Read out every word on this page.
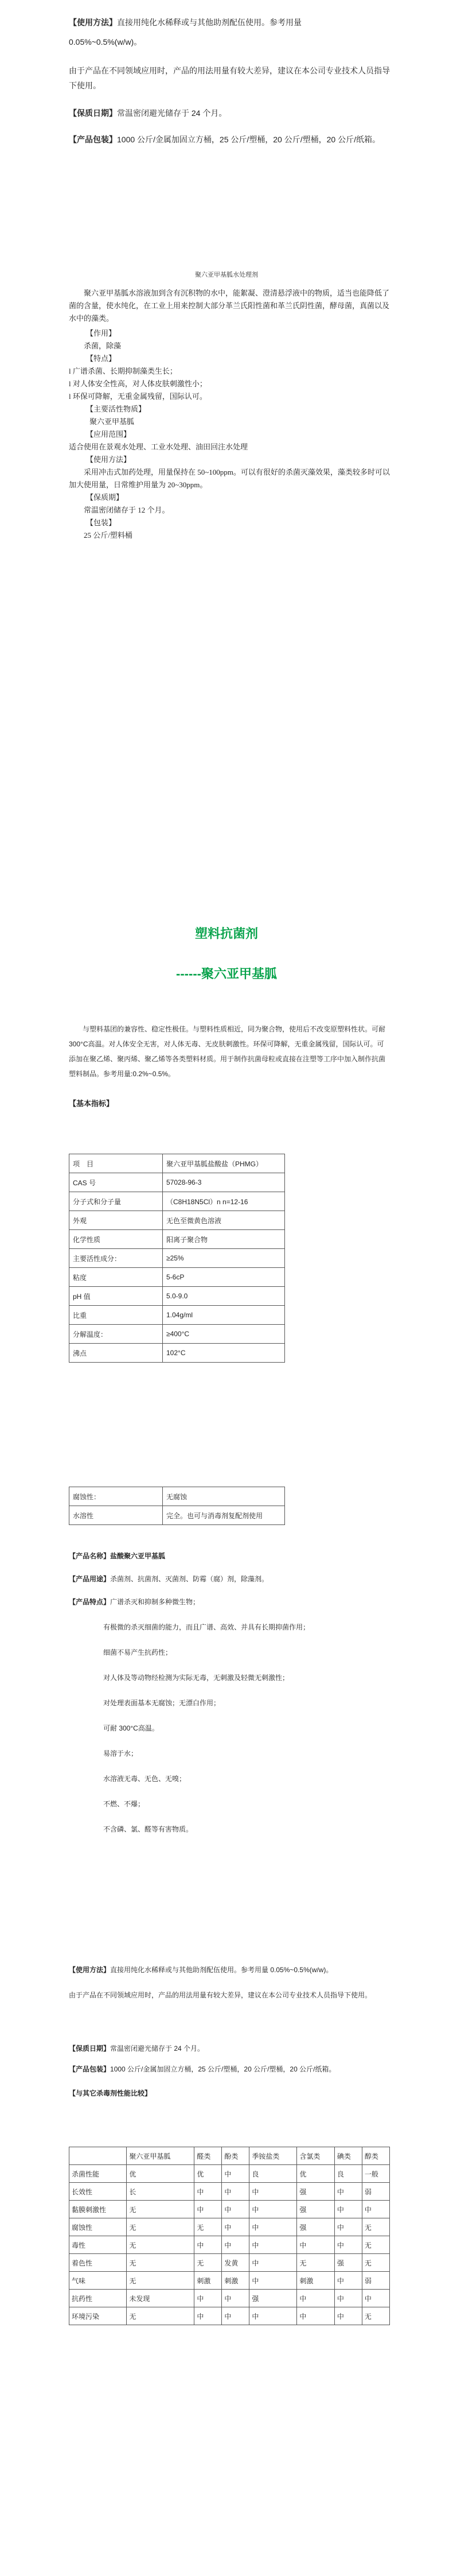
【使用方法】直接用纯化水稀释或与其他助剂配伍使用。参考用量

0.05%~0.5%(w/w)。

由于产品在不同领域应用时，产品的用法用量有较大差异，建议在本公司专业技术人员指导下使用。

【保质日期】常温密闭避光储存于 24 个月。

【产品包装】1000 公斤/金属加固立方桶，25 公斤/塑桶，20 公斤/塑桶，20 公斤/纸箱。

聚六亚甲基胍水处理剂

聚六亚甲基胍水溶液加到含有沉积物的水中，能絮凝、澄清悬浮液中的物质，适当也能降低了菌的含量，使水纯化，在工业上用来控制大部分革兰氏阳性菌和革兰氏阴性菌，酵母菌，真菌以及水中的藻类。

【作用】

杀菌，除藻

【特点】

l 广谱杀菌、长期抑制藻类生长；

l 对人体安全性高，对人体皮肤刺激性小；

l 环保可降解，无重金属残留，国际认可。

【主要活性物质】

聚六亚甲基胍

【应用范围】

适合使用在景观水处理、工业水处理、油田回注水处理

【使用方法】

采用冲击式加药处理，用量保持在 50~100ppm。可以有很好的杀菌灭藻效果，藻类较多时可以加大使用量，日常维护用量为 20~30ppm。

【保质期】

常温密闭储存于 12 个月。

【包装】

25 公斤/塑料桶

塑料抗菌剂
------聚六亚甲基胍

与塑料基团的兼容性、稳定性极佳。与塑料性质相近，同为聚合物，使用后不改变原塑料性状。可耐 300°C高温。对人体安全无害，对人体无毒、无皮肤刺激性。环保可降解，无重金属残留，国际认可。可添加在聚乙烯、聚丙烯、聚乙烯等各类塑料材质。用于制作抗菌母粒或直接在注塑等工序中加入制作抗菌塑料制品。参考用量:0.2%~0.5%。

【基本指标】

项　目	聚六亚甲基胍盐酸盐（PHMG）
CAS 号	57028-96-3
分子式和分子量	（C8H18N5Cl）n n=12-16
外观	无色至微黄色溶液
化学性质	阳离子聚合物
主要活性成分：	≥25%
粘度	5-6cP
pH 值	5.0-9.0
比重	1.04g/ml
分解温度：	≥400°C
沸点	102°C
腐蚀性：	无腐蚀
水溶性	完全。也可与消毒剂复配剂使用

【产品名称】盐酸聚六亚甲基胍

【产品用途】杀菌剂、抗菌剂、灭菌剂、防霉（腐）剂，除藻剂。

【产品特点】广谱杀灭和抑制多种微生物；

有极微的杀灭细菌的能力，而且广谱、高效、并具有长期抑菌作用；

细菌不易产生抗药性；

对人体及等动物经检测为实际无毒，无刺激及轻微无刺激性；

对处理表面基本无腐蚀；无漂白作用；

可耐 300°C高温。

易溶于水；

水溶液无毒、无色、无嗅；

不燃、不爆；

不含磷、氯、醛等有害物质。

【使用方法】直接用纯化水稀释或与其他助剂配伍使用。参考用量 0.05%~0.5%(w/w)。

由于产品在不同领域应用时，产品的用法用量有较大差异，建议在本公司专业技术人员指导下使用。

【保质日期】常温密闭避光储存于 24 个月。

【产品包装】1000 公斤/金属加固立方桶，25 公斤/塑桶，20 公斤/塑桶，20 公斤/纸箱。

【与其它杀毒剂性能比较】

	聚六亚甲基胍	醛类	酚类	季铵盐类	含氯类	碘类	醇类
杀菌性能	优	优	中	良	优	良	一般
长效性	长	中	中	中	强	中	弱
黏膜刺激性	无	中	中	中	强	中	中
腐蚀性	无	无	中	中	强	中	无
毒性	无	中	中	中	中	中	无
着色性	无	无	发黄	中	无	强	无
气味	无	刺激	刺激	中	刺激	中	弱
抗药性	未发现	中	中	强	中	中	中
环境污染	无	中	中	中	中	中	无
